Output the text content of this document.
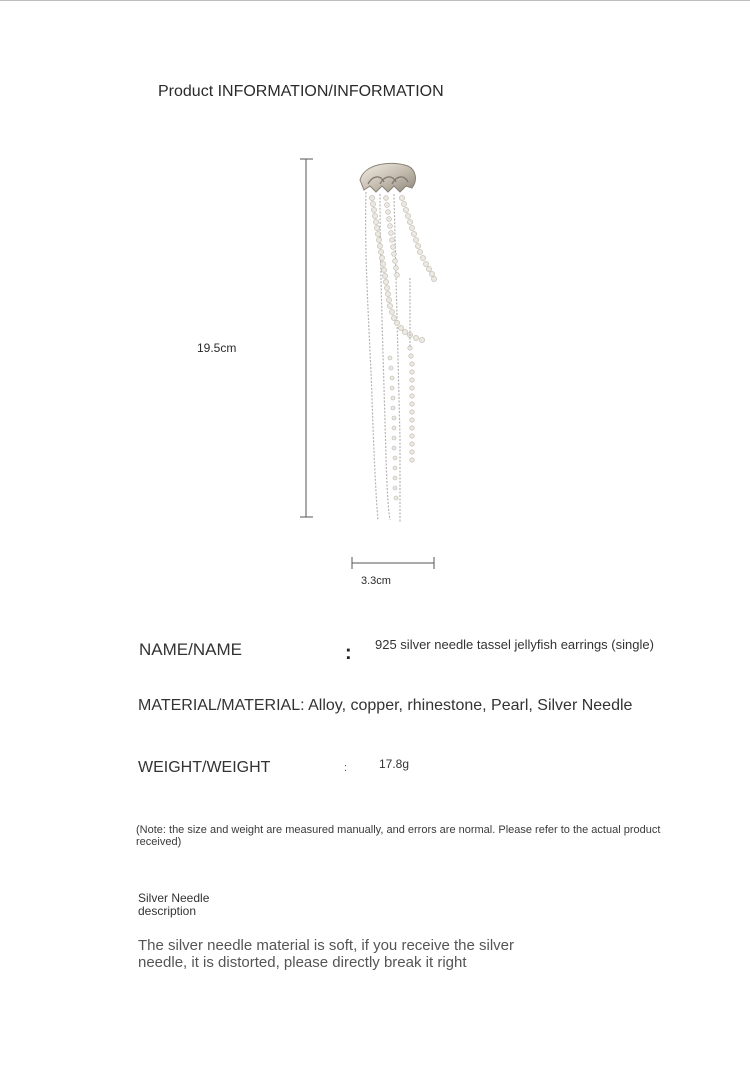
Product INFORMATION/INFORMATION
19.5cm
3.3cm
NAME/NAME	: 925 silver needle tassel jellyfish earrings (single)
MATERIAL/MATERIAL: Alloy, copper, rhinestone, Pearl, Silver Needle
WEIGHT/WEIGHT	:	17.8g
(Note: the size and weight are measured manually, and errors are normal. Please refer to the actual product received)
Silver Needle description
The silver needle material is soft, if you receive the silver needle, it is distorted, please directly break it right
